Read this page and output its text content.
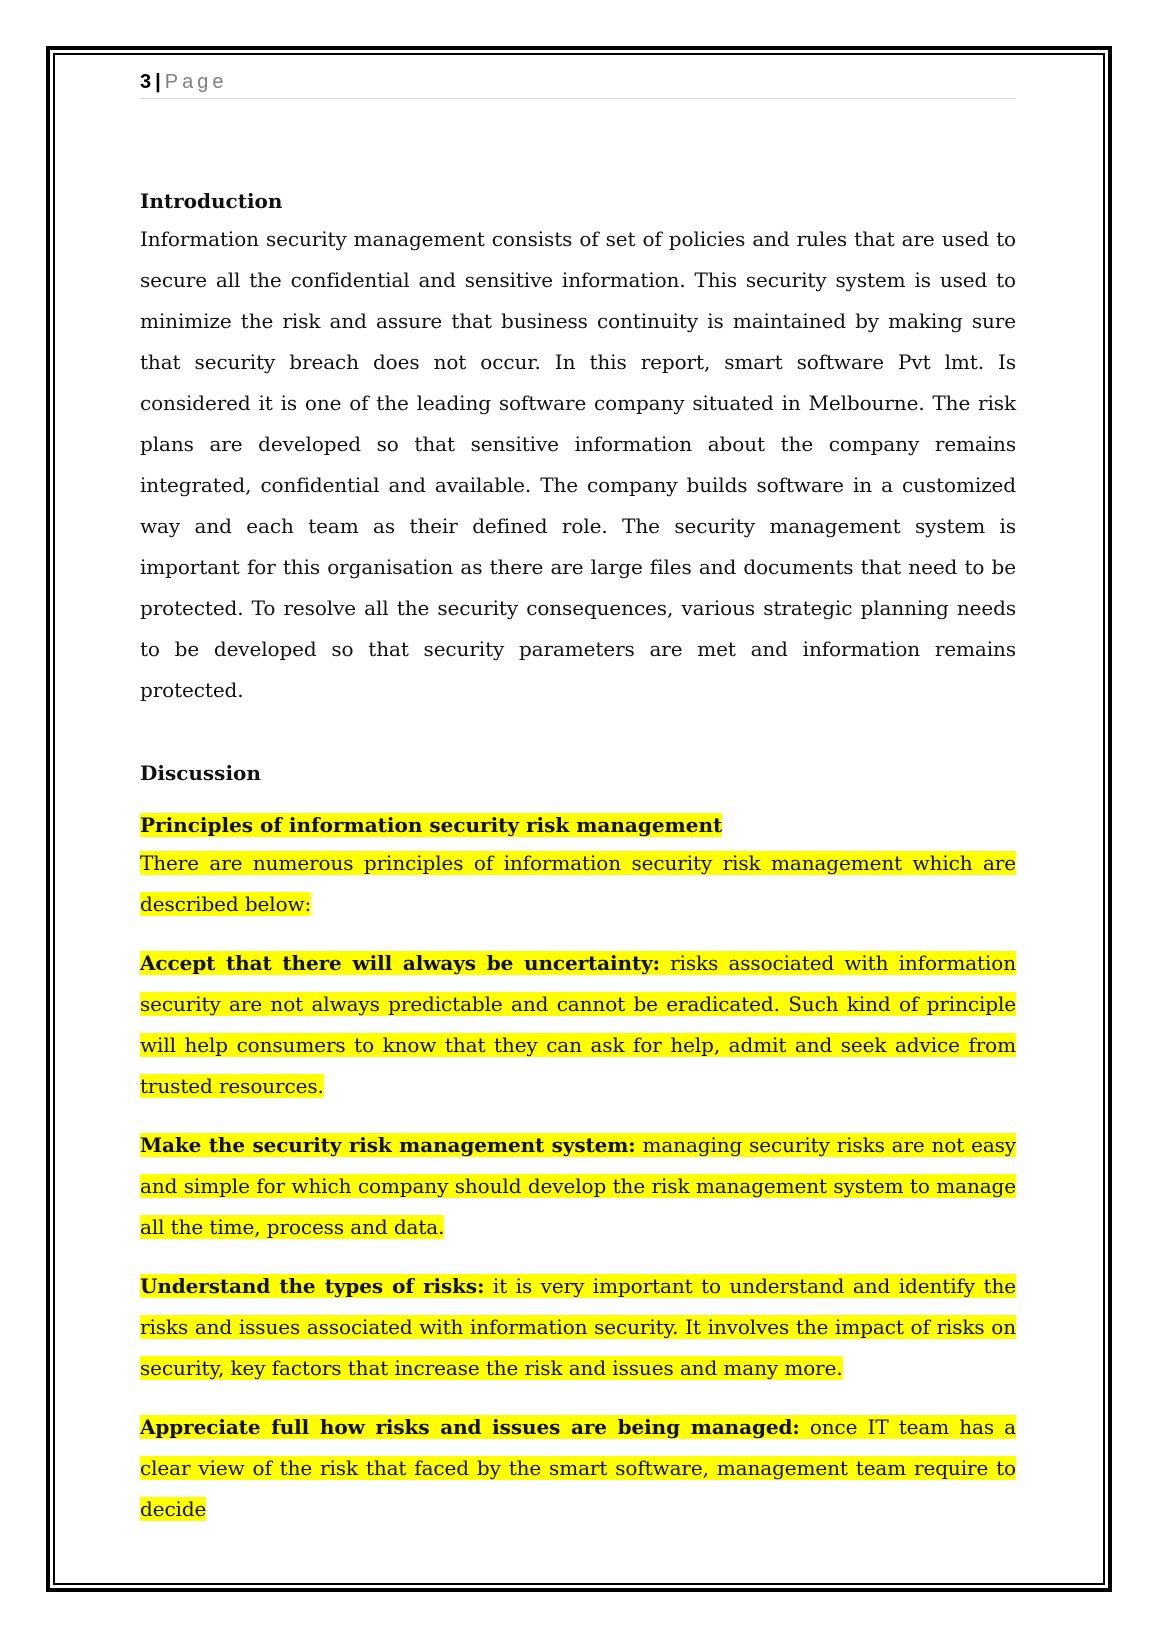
3 | Page

Introduction

Information security management consists of set of policies and rules that are used to secure all the confidential and sensitive information. This security system is used to minimize the risk and assure that business continuity is maintained by making sure that security breach does not occur. In this report, smart software Pvt lmt. Is considered it is one of the leading software company situated in Melbourne. The risk plans are developed so that sensitive information about the company remains integrated, confidential and available. The company builds software in a customized way and each team as their defined role. The security management system is important for this organisation as there are large files and documents that need to be protected. To resolve all the security consequences, various strategic planning needs to be developed so that security parameters are met and information remains protected.

Discussion

Principles of information security risk management

There are numerous principles of information security risk management which are described below:

Accept that there will always be uncertainty: risks associated with information security are not always predictable and cannot be eradicated. Such kind of principle will help consumers to know that they can ask for help, admit and seek advice from trusted resources.

Make the security risk management system: managing security risks are not easy and simple for which company should develop the risk management system to manage all the time, process and data.

Understand the types of risks: it is very important to understand and identify the risks and issues associated with information security. It involves the impact of risks on security, key factors that increase the risk and issues and many more.

Appreciate full how risks and issues are being managed: once IT team has a clear view of the risk that faced by the smart software, management team require to decide
